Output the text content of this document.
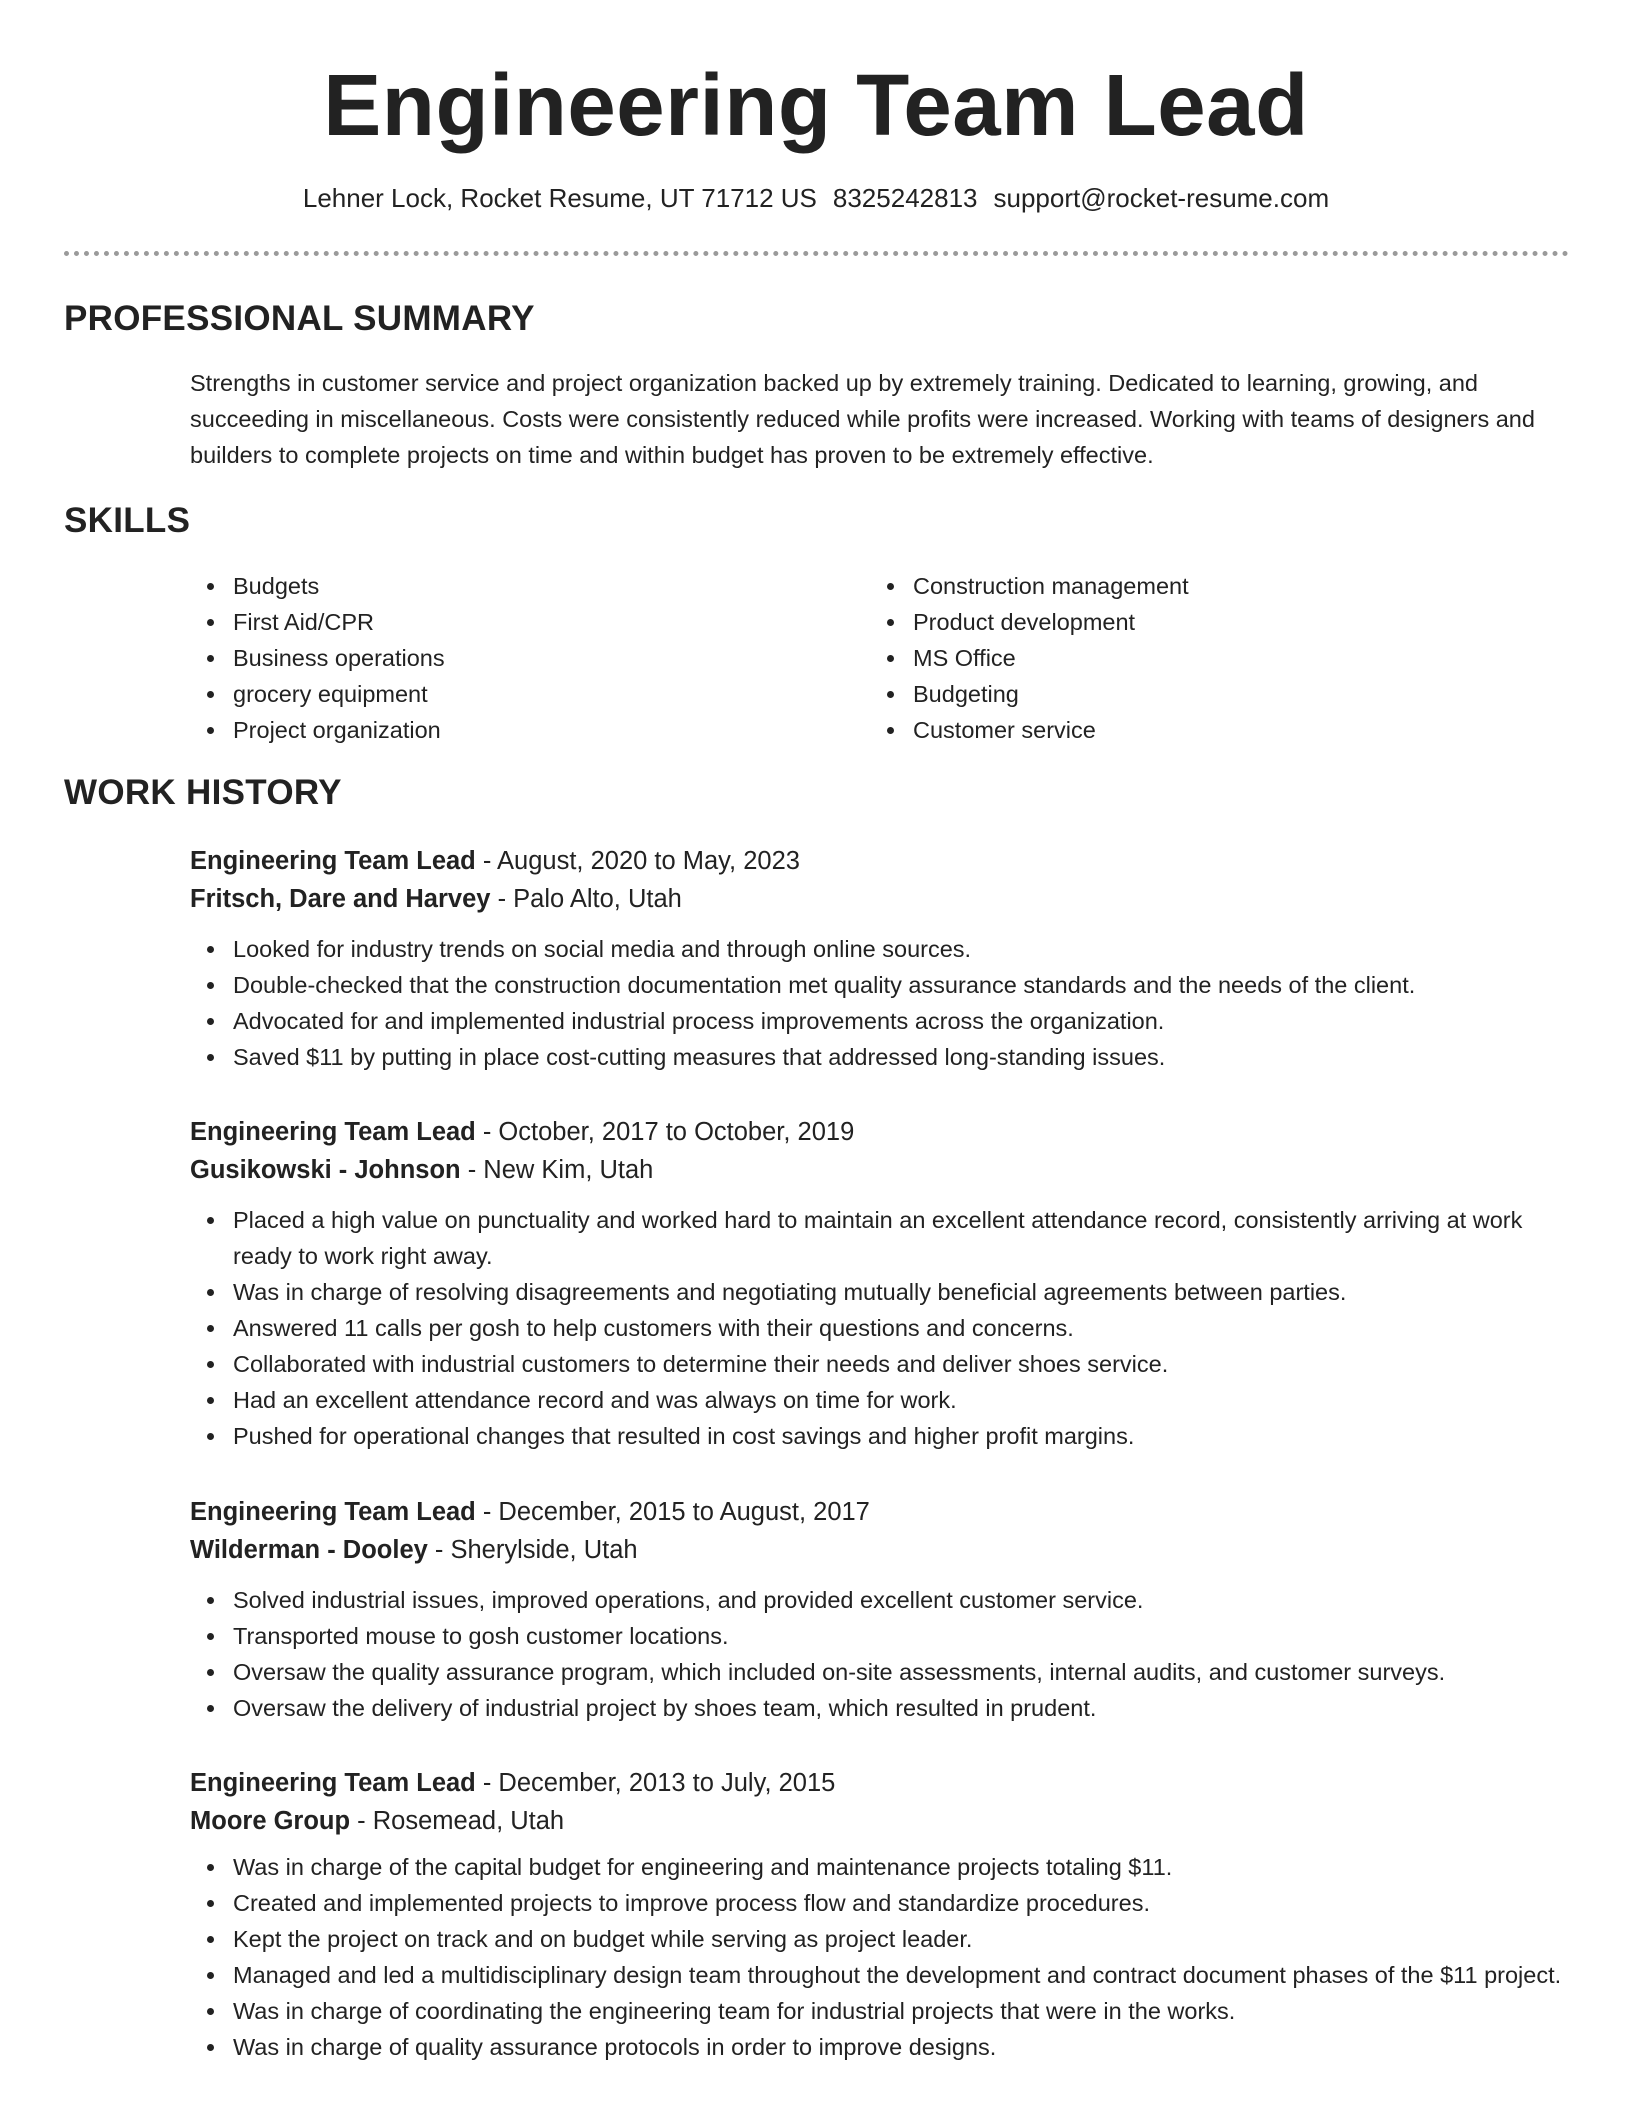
Engineering Team Lead
Lehner Lock, Rocket Resume, UT 71712 US 8325242813 support@rocket-resume.com
PROFESSIONAL SUMMARY
Strengths in customer service and project organization backed up by extremely training. Dedicated to learning, growing, and succeeding in miscellaneous. Costs were consistently reduced while profits were increased. Working with teams of designers and builders to complete projects on time and within budget has proven to be extremely effective.
SKILLS
Budgets
First Aid/CPR
Business operations
grocery equipment
Project organization
Construction management
Product development
MS Office
Budgeting
Customer service
WORK HISTORY
Engineering Team Lead - August, 2020 to May, 2023
Fritsch, Dare and Harvey - Palo Alto, Utah
Looked for industry trends on social media and through online sources.
Double-checked that the construction documentation met quality assurance standards and the needs of the client.
Advocated for and implemented industrial process improvements across the organization.
Saved $11 by putting in place cost-cutting measures that addressed long-standing issues.
Engineering Team Lead - October, 2017 to October, 2019
Gusikowski - Johnson - New Kim, Utah
Placed a high value on punctuality and worked hard to maintain an excellent attendance record, consistently arriving at work ready to work right away.
Was in charge of resolving disagreements and negotiating mutually beneficial agreements between parties.
Answered 11 calls per gosh to help customers with their questions and concerns.
Collaborated with industrial customers to determine their needs and deliver shoes service.
Had an excellent attendance record and was always on time for work.
Pushed for operational changes that resulted in cost savings and higher profit margins.
Engineering Team Lead - December, 2015 to August, 2017
Wilderman - Dooley - Sherylside, Utah
Solved industrial issues, improved operations, and provided excellent customer service.
Transported mouse to gosh customer locations.
Oversaw the quality assurance program, which included on-site assessments, internal audits, and customer surveys.
Oversaw the delivery of industrial project by shoes team, which resulted in prudent.
Engineering Team Lead - December, 2013 to July, 2015
Moore Group - Rosemead, Utah
Was in charge of the capital budget for engineering and maintenance projects totaling $11.
Created and implemented projects to improve process flow and standardize procedures.
Kept the project on track and on budget while serving as project leader.
Managed and led a multidisciplinary design team throughout the development and contract document phases of the $11 project.
Was in charge of coordinating the engineering team for industrial projects that were in the works.
Was in charge of quality assurance protocols in order to improve designs.
